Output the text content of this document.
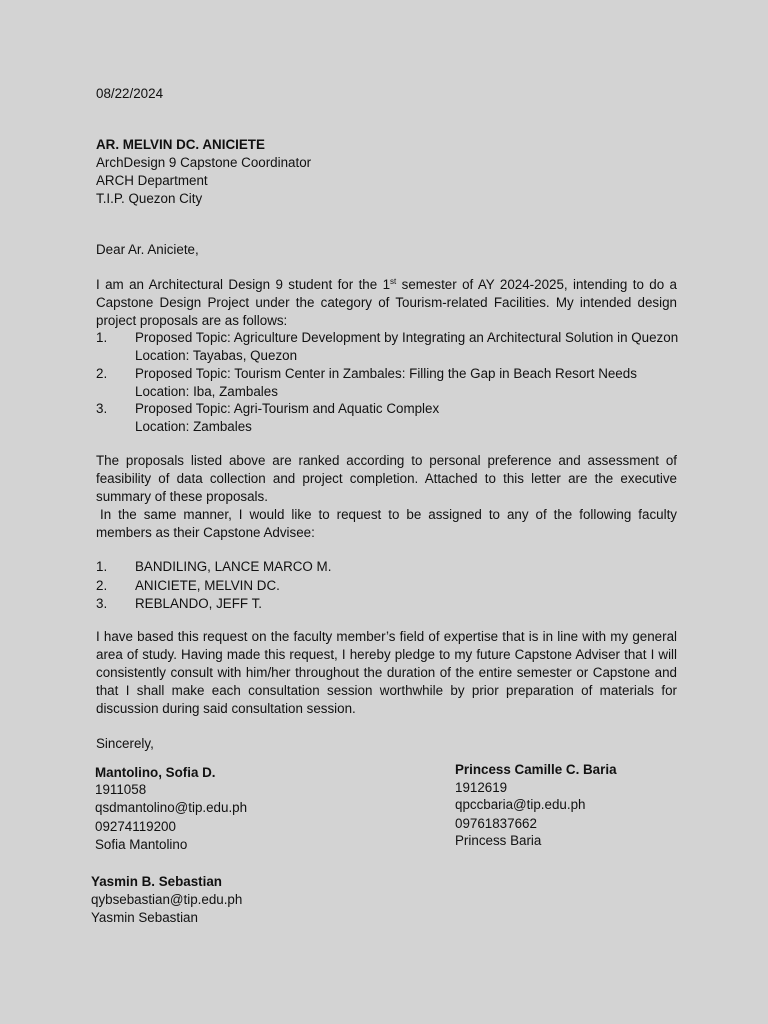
08/22/2024
AR. MELVIN DC. ANICIETE
ArchDesign 9 Capstone Coordinator
ARCH Department
T.I.P. Quezon City
Dear Ar. Aniciete,
I am an Architectural Design 9 student for the 1st semester of AY 2024-2025, intending to do a Capstone Design Project under the category of Tourism-related Facilities. My intended design project proposals are as follows:
1. Proposed Topic: Agriculture Development by Integrating an Architectural Solution in Quezon
Location: Tayabas, Quezon
2. Proposed Topic: Tourism Center in Zambales: Filling the Gap in Beach Resort Needs
Location: Iba, Zambales
3. Proposed Topic: Agri-Tourism and Aquatic Complex
Location: Zambales
The proposals listed above are ranked according to personal preference and assessment of feasibility of data collection and project completion. Attached to this letter are the executive summary of these proposals.
In the same manner, I would like to request to be assigned to any of the following faculty members as their Capstone Advisee:
1. BANDILING, LANCE MARCO M.
2. ANICIETE, MELVIN DC.
3. REBLANDO, JEFF T.
I have based this request on the faculty member’s field of expertise that is in line with my general area of study. Having made this request, I hereby pledge to my future Capstone Adviser that I will consistently consult with him/her throughout the duration of the entire semester or Capstone and that I shall make each consultation session worthwhile by prior preparation of materials for discussion during said consultation session.
Sincerely,
Mantolino, Sofia D.
1911058
qsdmantolino@tip.edu.ph
09274119200
Sofia Mantolino
Princess Camille C. Baria
1912619
qpccbaria@tip.edu.ph
09761837662
Princess Baria
Yasmin B. Sebastian
qybsebastian@tip.edu.ph
Yasmin Sebastian
